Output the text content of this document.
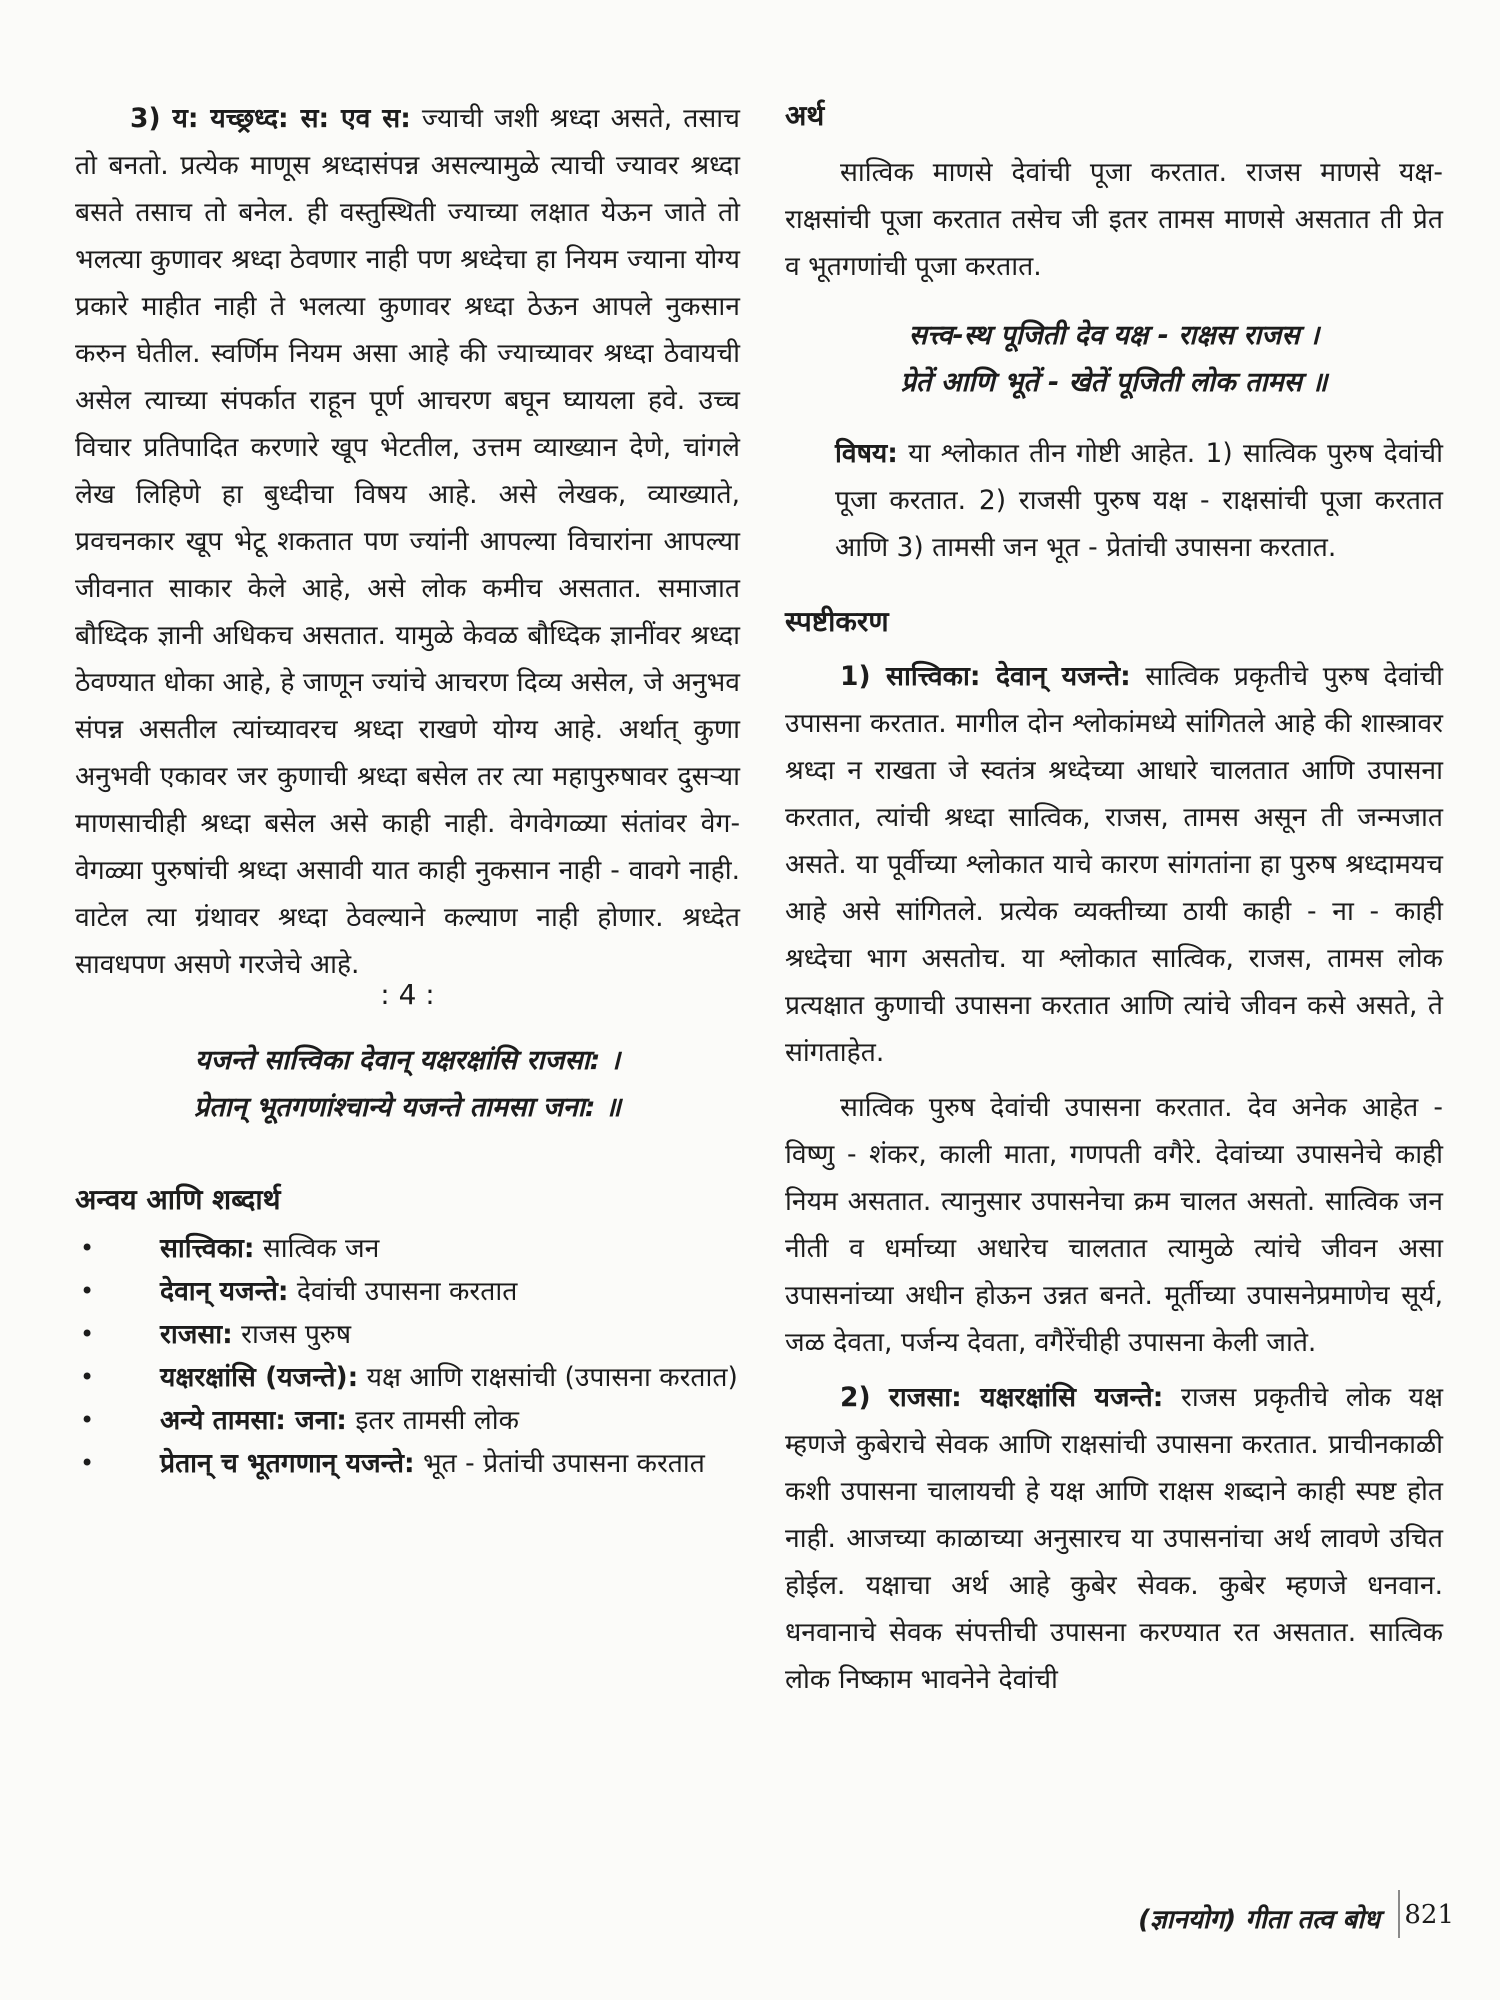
3) य: यच्छ्रध्द: स: एव स: ज्याची जशी श्रध्दा असते, तसाच तो बनतो. प्रत्येक माणूस श्रध्दासंपन्न असल्यामुळे त्याची ज्यावर श्रध्दा बसते तसाच तो बनेल. ही वस्तुस्थिती ज्याच्या लक्षात येऊन जाते तो भलत्या कुणावर श्रध्दा ठेवणार नाही पण श्रध्देचा हा नियम ज्याना योग्य प्रकारे माहीत नाही ते भलत्या कुणावर श्रध्दा ठेऊन आपले नुकसान करुन घेतील. स्वर्णिम नियम असा आहे की ज्याच्यावर श्रध्दा ठेवायची असेल त्याच्या संपर्कात राहून पूर्ण आचरण बघून घ्यायला हवे. उच्च विचार प्रतिपादित करणारे खूप भेटतील, उत्तम व्याख्यान देणे, चांगले लेख लिहिणे हा बुध्दीचा विषय आहे. असे लेखक, व्याख्याते, प्रवचनकार खूप भेटू शकतात पण ज्यांनी आपल्या विचारांना आपल्या जीवनात साकार केले आहे, असे लोक कमीच असतात. समाजात बौध्दिक ज्ञानी अधिकच असतात. यामुळे केवळ बौध्दिक ज्ञानींवर श्रध्दा ठेवण्यात धोका आहे, हे जाणून ज्यांचे आचरण दिव्य असेल, जे अनुभव संपन्न असतील त्यांच्यावरच श्रध्दा राखणे योग्य आहे. अर्थात् कुणा अनुभवी एकावर जर कुणाची श्रध्दा बसेल तर त्या महापुरुषावर दुसऱ्या माणसाचीही श्रध्दा बसेल असे काही नाही. वेगवेगळ्या संतांवर वेग-वेगळ्या पुरुषांची श्रध्दा असावी यात काही नुकसान नाही - वावगे नाही. वाटेल त्या ग्रंथावर श्रध्दा ठेवल्याने कल्याण नाही होणार. श्रध्देत सावधपण असणे गरजेचे आहे.

: 4 :
यजन्ते सात्त्विका देवान् यक्षरक्षांसि राजसा: ।
प्रेतान् भूतगणांश्चान्ये यजन्ते तामसा जना: ॥
अन्वय आणि शब्दार्थ
• सात्त्विका: सात्विक जन
• देवान् यजन्ते: देवांची उपासना करतात
• राजसा: राजस पुरुष
• यक्षरक्षांसि (यजन्ते): यक्ष आणि राक्षसांची (उपासना करतात)
• अन्ये तामसा: जना: इतर तामसी लोक
• प्रेतान् च भूतगणान् यजन्ते: भूत - प्रेतांची उपासना करतात
अर्थ

सात्विक माणसे देवांची पूजा करतात. राजस माणसे यक्ष-राक्षसांची पूजा करतात तसेच जी इतर तामस माणसे असतात ती प्रेत व भूतगणांची पूजा करतात.

सत्त्व-स्थ पूजिती देव यक्ष - राक्षस राजस ।
प्रेतें आणि भूतें - खेतें पूजिती लोक तामस ॥

विषय: या श्लोकात तीन गोष्टी आहेत. 1) सात्विक पुरुष देवांची पूजा करतात. 2) राजसी पुरुष यक्ष - राक्षसांची पूजा करतात आणि 3) तामसी जन भूत - प्रेतांची उपासना करतात.

स्पष्टीकरण

1) सात्त्विका: देवान् यजन्ते: सात्विक प्रकृतीचे पुरुष देवांची उपासना करतात. मागील दोन श्लोकांमध्ये सांगितले आहे की शास्त्रावर श्रध्दा न राखता जे स्वतंत्र श्रध्देच्या आधारे चालतात आणि उपासना करतात, त्यांची श्रध्दा सात्विक, राजस, तामस असून ती जन्मजात असते. या पूर्वीच्या श्लोकात याचे कारण सांगतांना हा पुरुष श्रध्दामयच आहे असे सांगितले. प्रत्येक व्यक्तीच्या ठायी काही - ना - काही श्रध्देचा भाग असतोच. या श्लोकात सात्विक, राजस, तामस लोक प्रत्यक्षात कुणाची उपासना करतात आणि त्यांचे जीवन कसे असते, ते सांगताहेत.

सात्विक पुरुष देवांची उपासना करतात. देव अनेक आहेत - विष्णु - शंकर, काली माता, गणपती वगैरे. देवांच्या उपासनेचे काही नियम असतात. त्यानुसार उपासनेचा क्रम चालत असतो. सात्विक जन नीती व धर्माच्या अधारेच चालतात त्यामुळे त्यांचे जीवन असा उपासनांच्या अधीन होऊन उन्नत बनते. मूर्तीच्या उपासनेप्रमाणेच सूर्य, जळ देवता, पर्जन्य देवता, वगैरेंचीही उपासना केली जाते.

2) राजसा: यक्षरक्षांसि यजन्ते: राजस प्रकृतीचे लोक यक्ष म्हणजे कुबेराचे सेवक आणि राक्षसांची उपासना करतात. प्राचीनकाळी कशी उपासना चालायची हे यक्ष आणि राक्षस शब्दाने काही स्पष्ट होत नाही. आजच्या काळाच्या अनुसारच या उपासनांचा अर्थ लावणे उचित होईल. यक्षाचा अर्थ आहे कुबेर सेवक. कुबेर म्हणजे धनवान. धनवानाचे सेवक संपत्तीची उपासना करण्यात रत असतात. सात्विक लोक निष्काम भावनेने देवांची

(ज्ञानयोग) गीता तत्व बोध 821
